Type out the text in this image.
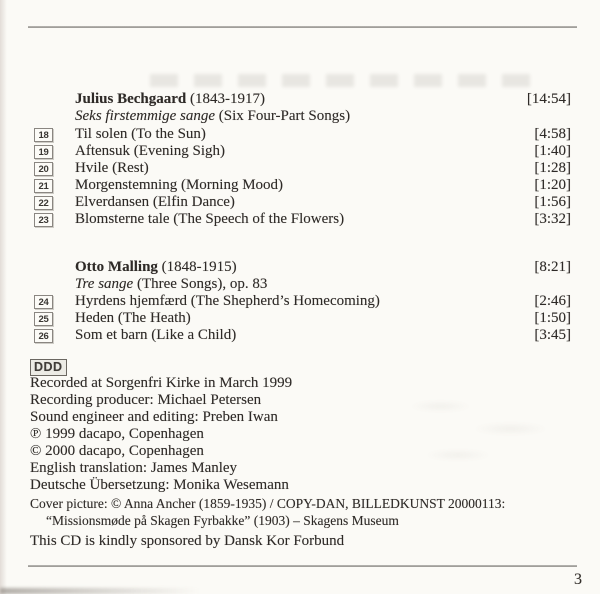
Julius Bechgaard (1843-1917)	[14:54]
Seks firstemmige sange (Six Four-Part Songs)
18	Til solen (To the Sun)	[4:58]
19	Aftensuk (Evening Sigh)	[1:40]
20	Hvile (Rest)	[1:28]
21	Morgenstemning (Morning Mood)	[1:20]
22	Elverdansen (Elfin Dance)	[1:56]
23	Blomsterne tale (The Speech of the Flowers)	[3:32]
Otto Malling (1848-1915)	[8:21]
Tre sange (Three Songs), op. 83
24	Hyrdens hjemfærd (The Shepherd’s Homecoming)	[2:46]
25	Heden (The Heath)	[1:50]
26	Som et barn (Like a Child)	[3:45]
DDD
Recorded at Sorgenfri Kirke in March 1999
Recording producer: Michael Petersen
Sound engineer and editing: Preben Iwan
℗ 1999 dacapo, Copenhagen
© 2000 dacapo, Copenhagen
English translation: James Manley
Deutsche Übersetzung: Monika Wesemann
Cover picture: © Anna Ancher (1859-1935) / COPY-DAN, BILLEDKUNST 20000113:
“Missionsmøde på Skagen Fyrbakke” (1903) – Skagens Museum
This CD is kindly sponsored by Dansk Kor Forbund
3
